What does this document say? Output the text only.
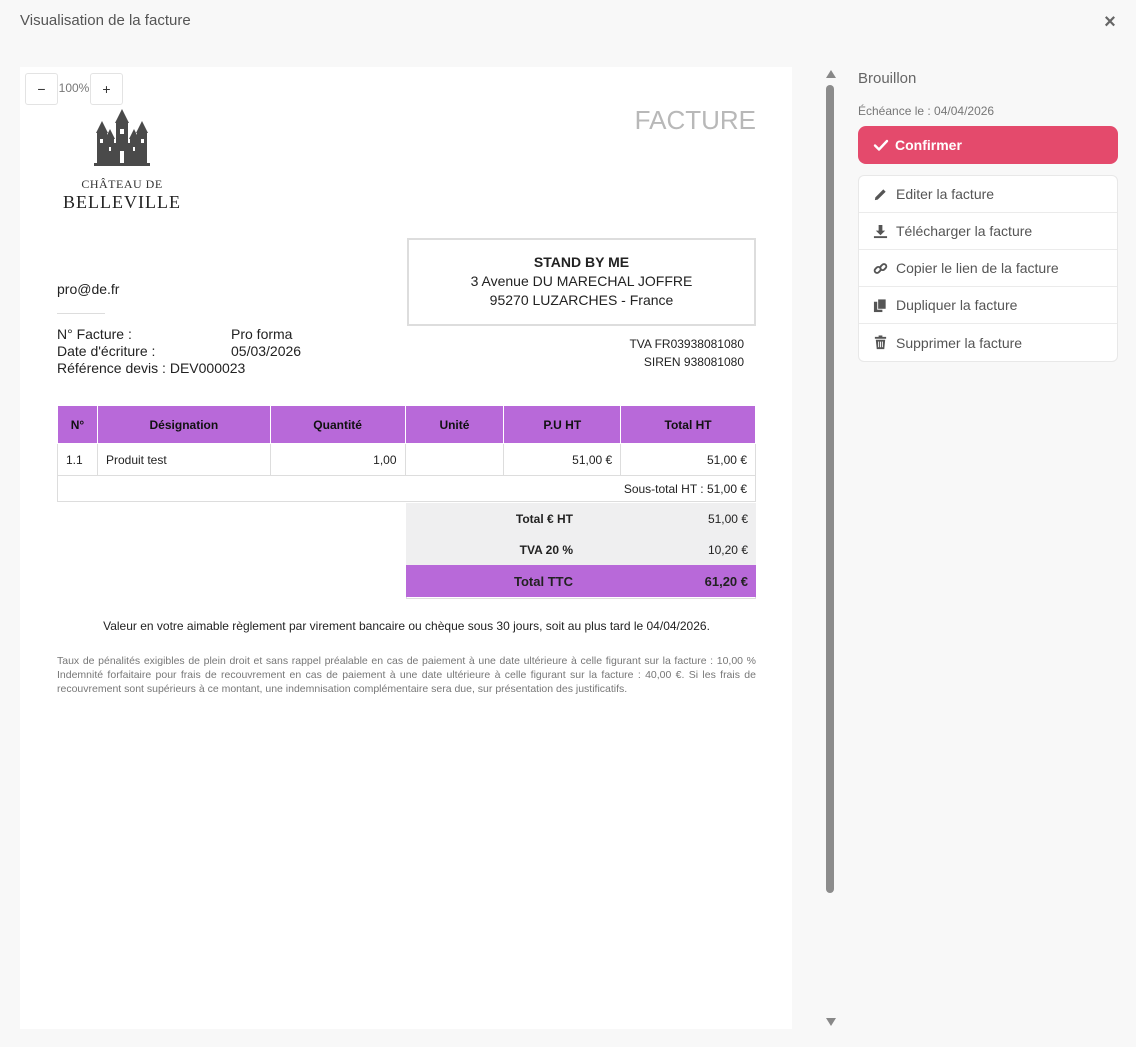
Visualisation de la facture	×
−	100% +
CHÂTEAU DE
BELLEVILLE
FACTURE
STAND BY ME
3 Avenue DU MARECHAL JOFFRE
95270 LUZARCHES - France
pro@de.fr
N° Facture :	Pro forma
Date d'écriture :	05/03/2026
Référence devis : DEV000023
TVA FR03938081080
SIREN 938081080
N°	Désignation	Quantité	Unité	P.U HT	Total HT
1.1	Produit test	1,00		51,00 €	51,00 €
Sous-total HT : 51,00 €					
Total € HT	51,00 €
TVA 20 %	10,20 €
Total TTC	61,20 €
Valeur en votre aimable règlement par virement bancaire ou chèque sous 30 jours, soit au plus tard le 04/04/2026.
Taux de pénalités exigibles de plein droit et sans rappel préalable en cas de paiement à une date ultérieure à celle figurant sur la facture : 10,00 % Indemnité forfaitaire pour frais de recouvrement en cas de paiement à une date ultérieure à celle figurant sur la facture : 40,00 €. Si les frais de recouvrement sont supérieurs à ce montant, une indemnisation complémentaire sera due, sur présentation des justificatifs.
Brouillon
Échéance le : 04/04/2026
Confirmer
Editer la facture
Télécharger la facture
Copier le lien de la facture
Dupliquer la facture
Supprimer la facture
